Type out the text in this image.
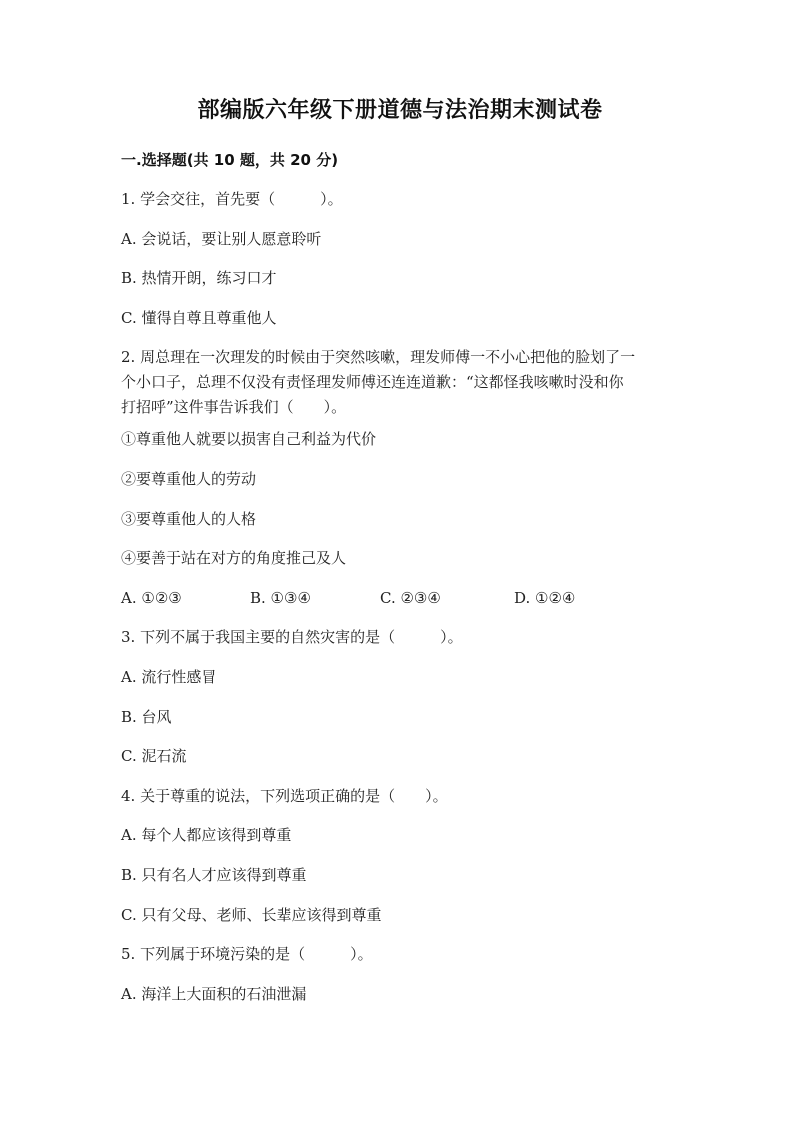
部编版六年级下册道德与法治期末测试卷
一.选择题(共 10 题，共 20 分)
1. 学会交往，首先要（　　　）。
A. 会说话，要让别人愿意聆听
B. 热情开朗，练习口才
C. 懂得自尊且尊重他人
2. 周总理在一次理发的时候由于突然咳嗽，理发师傅一不小心把他的脸划了一
个小口子，总理不仅没有责怪理发师傅还连连道歉：“这都怪我咳嗽时没和你
打招呼”这件事告诉我们（　　）。
①尊重他人就要以损害自己利益为代价
②要尊重他人的劳动
③要尊重他人的人格
④要善于站在对方的角度推己及人
A. ①②③	B. ①③④	C. ②③④	D. ①②④
3. 下列不属于我国主要的自然灾害的是（　　　）。
A. 流行性感冒
B. 台风
C. 泥石流
4. 关于尊重的说法，下列选项正确的是（　　）。
A. 每个人都应该得到尊重
B. 只有名人才应该得到尊重
C. 只有父母、老师、长辈应该得到尊重
5. 下列属于环境污染的是（　　　）。
A. 海洋上大面积的石油泄漏
